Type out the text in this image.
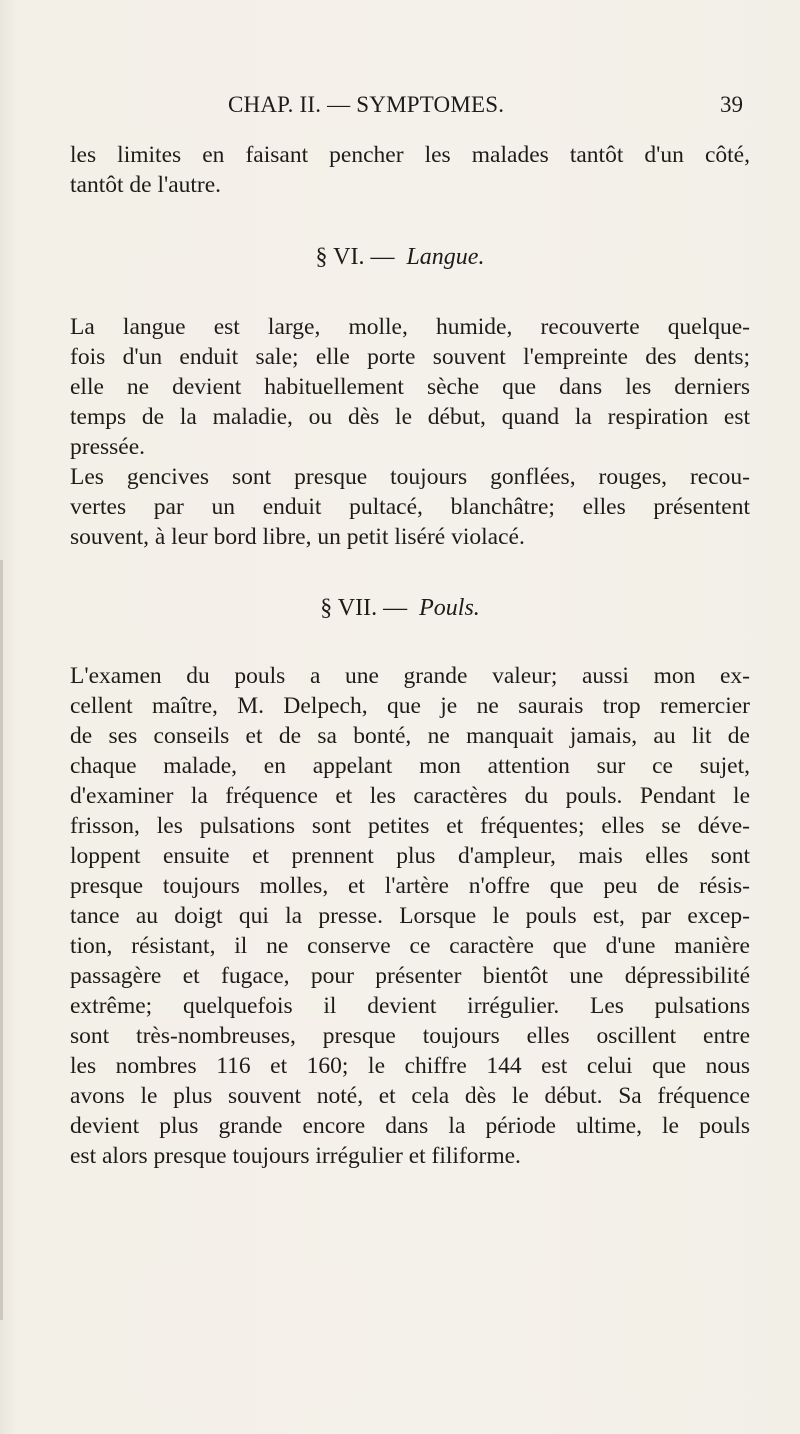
CHAP. II. — SYMPTOMES.	39
les limites en faisant pencher les malades tantôt d'un côté,
tantôt de l'autre.
§ VI. — Langue.
La langue est large, molle, humide, recouverte quelque-
fois d'un enduit sale; elle porte souvent l'empreinte des dents;
elle ne devient habituellement sèche que dans les derniers
temps de la maladie, ou dès le début, quand la respiration est
pressée.
Les gencives sont presque toujours gonflées, rouges, recou-
vertes par un enduit pultacé, blanchâtre; elles présentent
souvent, à leur bord libre, un petit liséré violacé.
§ VII. — Pouls.
L'examen du pouls a une grande valeur; aussi mon ex-
cellent maître, M. Delpech, que je ne saurais trop remercier
de ses conseils et de sa bonté, ne manquait jamais, au lit de
chaque malade, en appelant mon attention sur ce sujet,
d'examiner la fréquence et les caractères du pouls. Pendant le
frisson, les pulsations sont petites et fréquentes; elles se déve-
loppent ensuite et prennent plus d'ampleur, mais elles sont
presque toujours molles, et l'artère n'offre que peu de résis-
tance au doigt qui la presse. Lorsque le pouls est, par excep-
tion, résistant, il ne conserve ce caractère que d'une manière
passagère et fugace, pour présenter bientôt une dépressibilité
extrême; quelquefois il devient irrégulier. Les pulsations
sont très-nombreuses, presque toujours elles oscillent entre
les nombres 116 et 160; le chiffre 144 est celui que nous
avons le plus souvent noté, et cela dès le début. Sa fréquence
devient plus grande encore dans la période ultime, le pouls
est alors presque toujours irrégulier et filiforme.
